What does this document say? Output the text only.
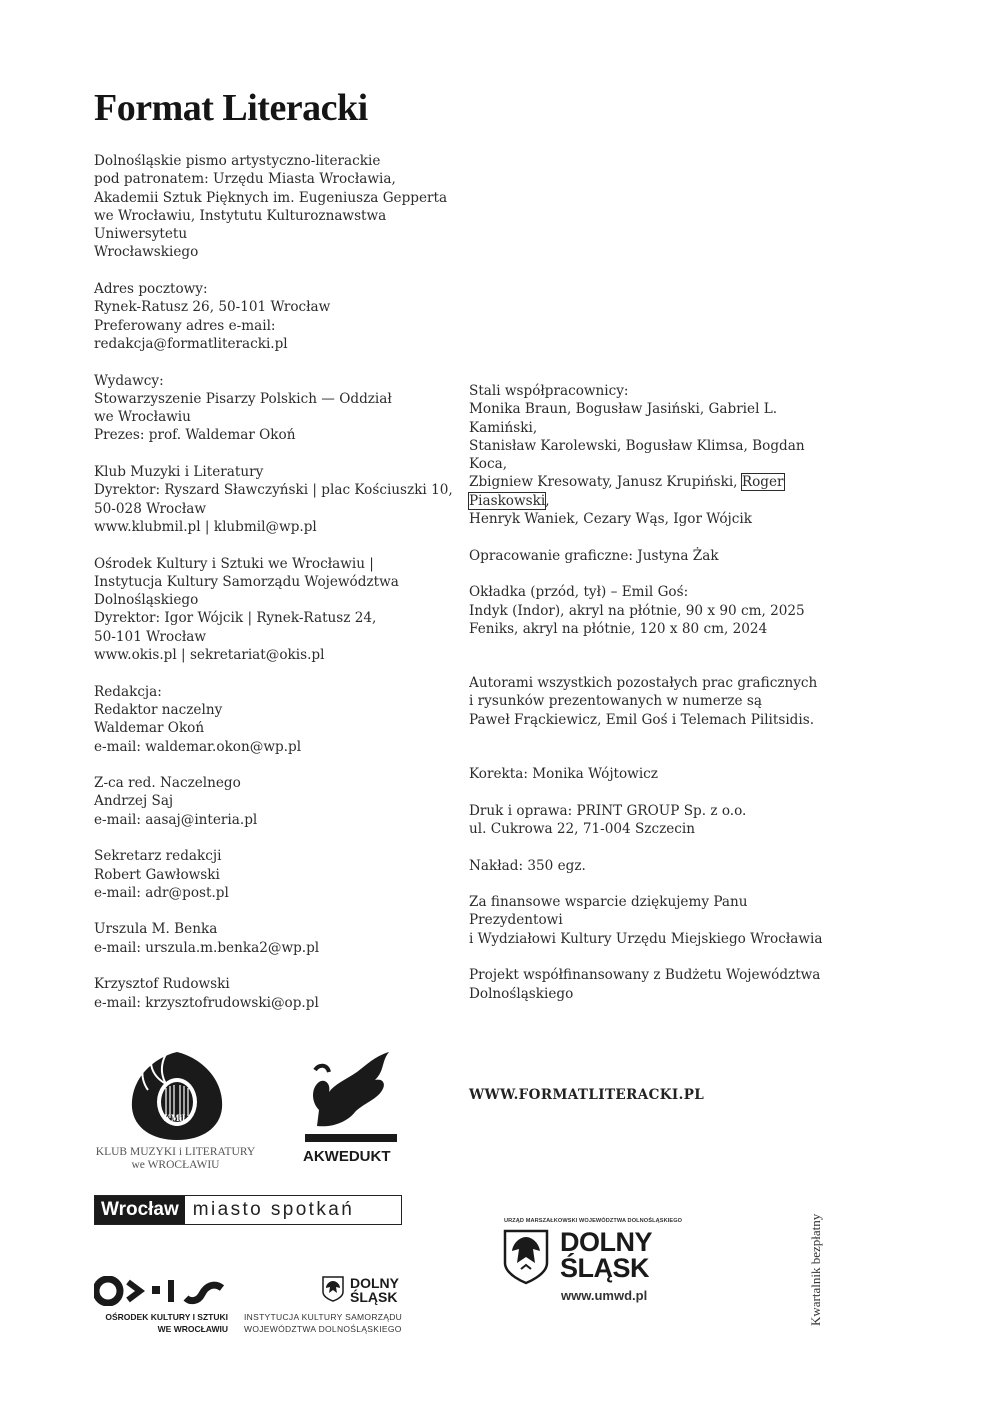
Format Literacki

Dolnośląskie pismo artystyczno-literackie
pod patronatem: Urzędu Miasta Wrocławia,
Akademii Sztuk Pięknych im. Eugeniusza Gepperta
we Wrocławiu, Instytutu Kulturoznawstwa Uniwersytetu
Wrocławskiego

Adres pocztowy:
Rynek-Ratusz 26, 50-101 Wrocław
Preferowany adres e-mail:
redakcja@formatliteracki.pl

Wydawcy:
Stowarzyszenie Pisarzy Polskich — Oddział
we Wrocławiu
Prezes: prof. Waldemar Okoń

Klub Muzyki i Literatury
Dyrektor: Ryszard Sławczyński | plac Kościuszki 10,
50-028 Wrocław
www.klubmil.pl | klubmil@wp.pl

Ośrodek Kultury i Sztuki we Wrocławiu |
Instytucja Kultury Samorządu Województwa
Dolnośląskiego
Dyrektor: Igor Wójcik | Rynek-Ratusz 24,
50-101 Wrocław
www.okis.pl | sekretariat@okis.pl

Redakcja:
Redaktor naczelny
Waldemar Okoń
e-mail: waldemar.okon@wp.pl

Z-ca red. Naczelnego
Andrzej Saj
e-mail: aasaj@interia.pl

Sekretarz redakcji
Robert Gawłowski
e-mail: adr@post.pl

Urszula M. Benka
e-mail: urszula.m.benka2@wp.pl

Krzysztof Rudowski
e-mail: krzysztofrudowski@op.pl

Stali współpracownicy:
Monika Braun, Bogusław Jasiński, Gabriel L. Kamiński,
Stanisław Karolewski, Bogusław Klimsa, Bogdan Koca,
Zbigniew Kresowaty, Janusz Krupiński, Roger Piaskowski,
Henryk Waniek, Cezary Wąs, Igor Wójcik

Opracowanie graficzne: Justyna Żak

Okładka (przód, tył) – Emil Goś:
Indyk (Indor), akryl na płótnie, 90 x 90 cm, 2025
Feniks, akryl na płótnie, 120 x 80 cm, 2024

Autorami wszystkich pozostałych prac graficznych
i rysunków prezentowanych w numerze są
Paweł Frąckiewicz, Emil Goś i Telemach Pilitsidis.

Korekta: Monika Wójtowicz

Druk i oprawa: PRINT GROUP Sp. z o.o.
ul. Cukrowa 22, 71-004 Szczecin

Nakład: 350 egz.

Za finansowe wsparcie dziękujemy Panu Prezydentowi
i Wydziałowi Kultury Urzędu Miejskiego Wrocławia

Projekt współfinansowany z Budżetu Województwa
Dolnośląskiego

WWW.FORMATLITERACKI.PL
KMiL
KLUB MUZYKI i LITERATURY
we WROCŁAWIU	AKWEDUKT
Wrocław miasto spotkań
OŚRODEK KULTURY I SZTUKI
WE WROCŁAWIU
DOLNY
ŚLĄSK
INSTYTUCJA KULTURY SAMORZĄDU
WOJEWÓDZTWA DOLNOŚLĄSKIEGO
URZĄD MARSZAŁKOWSKI WOJEWÓDZTWA DOLNOŚLĄSKIEGO
DOLNY
ŚLĄSK
www.umwd.pl	Kwartalnik bezpłatny
